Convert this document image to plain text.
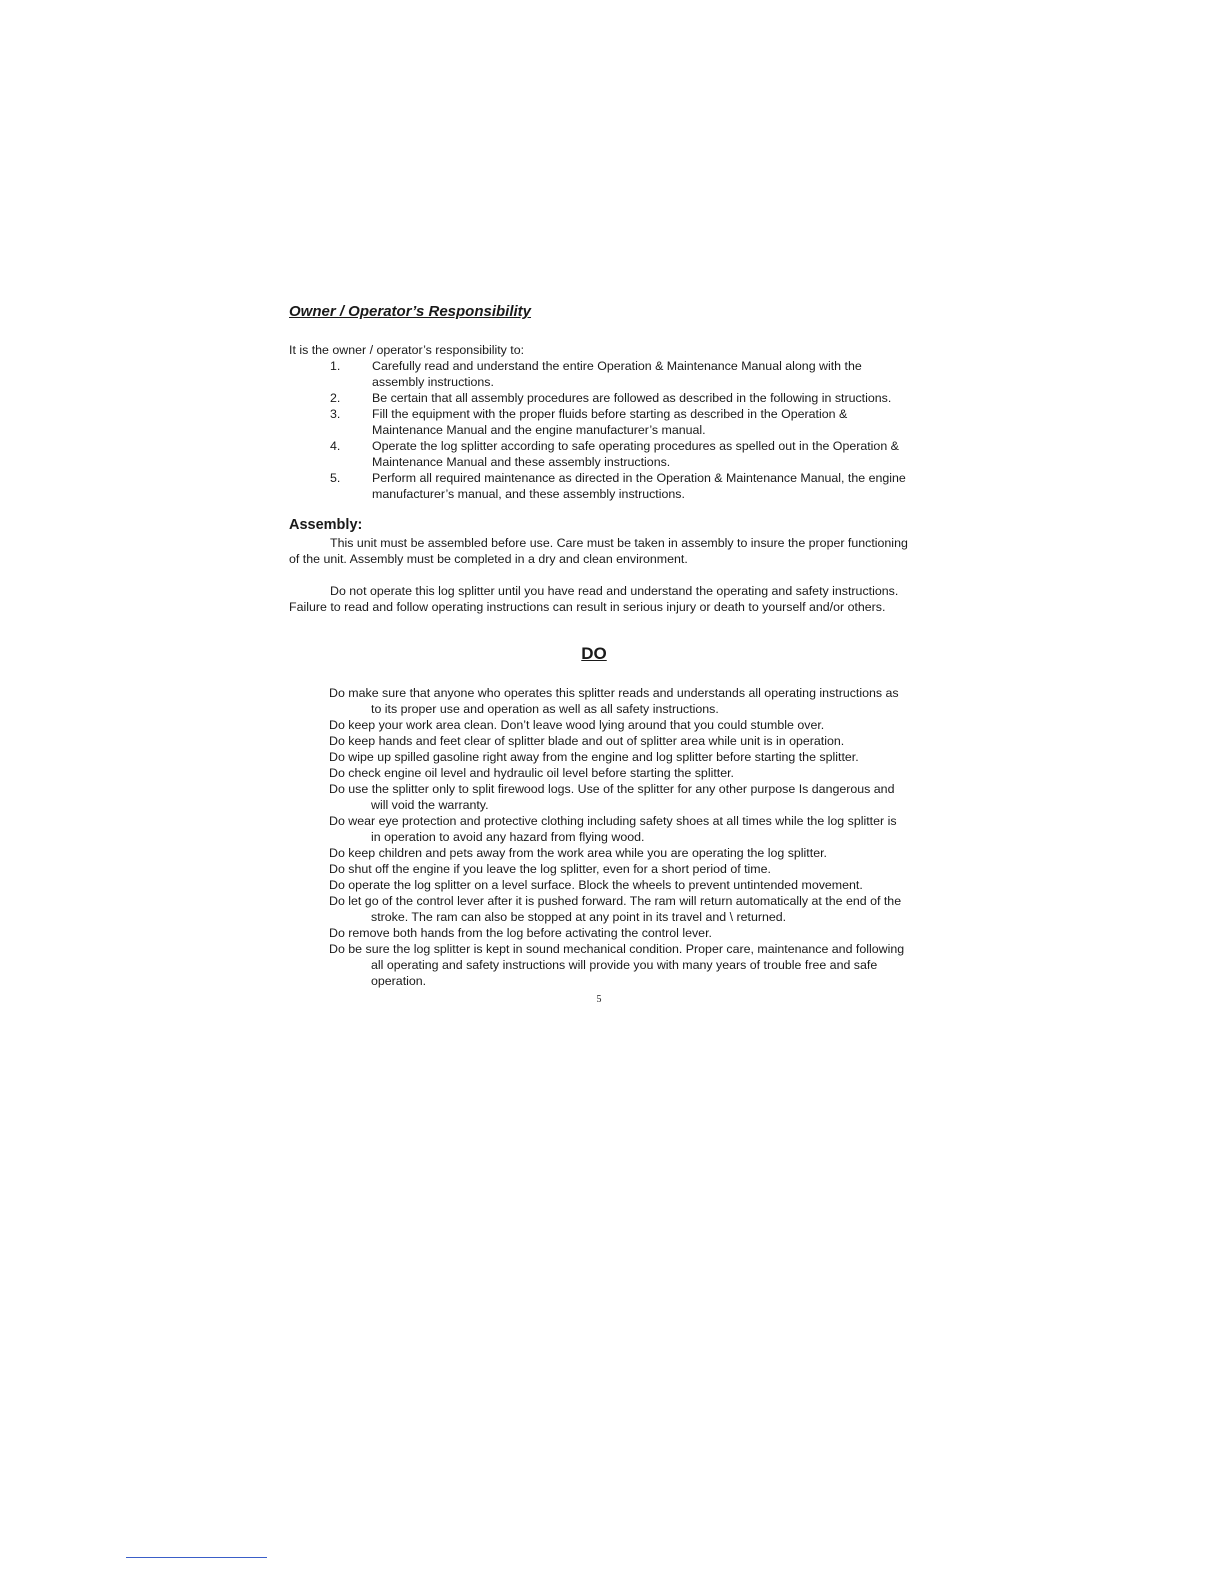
Owner / Operator’s Responsibility

It is the owner / operator’s responsibility to:

1.	Carefully read and understand the entire Operation & Maintenance Manual along with the assembly instructions.
2.	Be certain that all assembly procedures are followed as described in the following in structions.
3.	Fill the equipment with the proper fluids before starting as described in the Operation & Maintenance Manual and the engine manufacturer’s manual.
4.	Operate the log splitter according to safe operating procedures as spelled out in the Operation & Maintenance Manual and these assembly instructions.
5.	Perform all required maintenance as directed in the Operation & Maintenance Manual, the engine manufacturer’s manual, and these assembly instructions.
Assembly:

This unit must be assembled before use. Care must be taken in assembly to insure the proper functioning of the unit. Assembly must be completed in a dry and clean environment.

Do not operate this log splitter until you have read and understand the operating and safety instructions. Failure to read and follow operating instructions can result in serious injury or death to yourself and/or others.

DO
Do make sure that anyone who operates this splitter reads and understands all operating instructions as to its proper use and operation as well as all safety instructions.
Do keep your work area clean. Don’t leave wood lying around that you could stumble over.
Do keep hands and feet clear of splitter blade and out of splitter area while unit is in operation.
Do wipe up spilled gasoline right away from the engine and log splitter before starting the splitter.
Do check engine oil level and hydraulic oil level before starting the splitter.
Do use the splitter only to split firewood logs. Use of the splitter for any other purpose Is dangerous and will void the warranty.
Do wear eye protection and protective clothing including safety shoes at all times while the log splitter is in operation to avoid any hazard from flying wood.
Do keep children and pets away from the work area while you are operating the log splitter.
Do shut off the engine if you leave the log splitter, even for a short period of time.
Do operate the log splitter on a level surface. Block the wheels to prevent untintended movement.
Do let go of the control lever after it is pushed forward. The ram will return automatically at the end of the stroke. The ram can also be stopped at any point in its travel and \ returned.
Do remove both hands from the log before activating the control lever.
Do be sure the log splitter is kept in sound mechanical condition. Proper care, maintenance and following all operating and safety instructions will provide you with many years of trouble free and safe operation.
5
